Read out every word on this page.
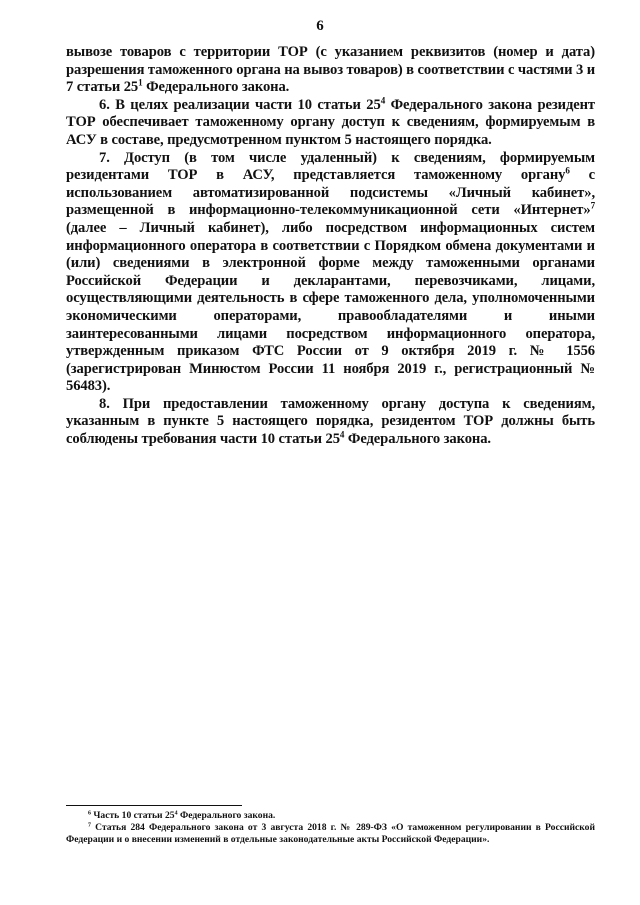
6

вывозе товаров с территории ТОР (с указанием реквизитов (номер и дата) разрешения таможенного органа на вывоз товаров) в соответствии с частями 3 и 7 статьи $25^1$ Федерального закона.

6. В целях реализации части 10 статьи $25^4$ Федерального закона резидент ТОР обеспечивает таможенному органу доступ к сведениям, формируемым в АСУ в составе, предусмотренном пунктом 5 настоящего порядка.

7. Доступ (в том числе удаленный) к сведениям, формируемым резидентами ТОР в АСУ, представляется таможенному органу$^6$ с использованием автоматизированной подсистемы «Личный кабинет», размещенной в информационно-телекоммуникационной сети «Интернет»$^7$ (далее – Личный кабинет), либо посредством информационных систем информационного оператора в соответствии с Порядком обмена документами и (или) сведениями в электронной форме между таможенными органами Российской Федерации и декларантами, перевозчиками, лицами, осуществляющими деятельность в сфере таможенного дела, уполномоченными экономическими операторами, правообладателями и иными заинтересованными лицами посредством информационного оператора, утвержденным приказом ФТС России от 9 октября 2019 г. № 1556 (зарегистрирован Минюстом России 11 ноября 2019 г., регистрационный № 56483).

8. При предоставлении таможенному органу доступа к сведениям, указанным в пункте 5 настоящего порядка, резидентом ТОР должны быть соблюдены требования части 10 статьи $25^4$ Федерального закона.

$^6$ Часть 10 статьи $25^4$ Федерального закона.

$^7$ Статья 284 Федерального закона от 3 августа 2018 г. № 289-ФЗ «О таможенном регулировании в Российской Федерации и о внесении изменений в отдельные законодательные акты Российской Федерации».
